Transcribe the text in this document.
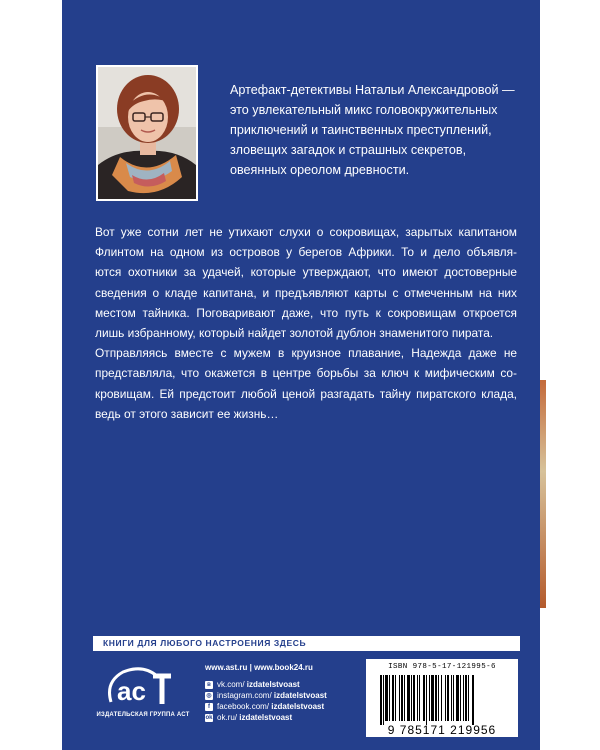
Артефакт-детективы Натальи Александровой —
это увлекательный микс головокружительных
приключений и таинственных преступлений,
зловещих загадок и страшных секретов,
овеянных ореолом древности.
Вот уже сотни лет не утихают слухи о сокровищах, зарытых капитаном
Флинтом на одном из островов у берегов Африки. То и дело объявля-
ются охотники за удачей, которые утверждают, что имеют достоверные
сведения о кладе капитана, и предъявляют карты с отмеченным на них
местом тайника. Поговаривают даже, что путь к сокровищам откроется
лишь избранному, который найдет золотой дублон знаменитого пирата.
Отправляясь вместе с мужем в круизное плавание, Надежда даже не
представляла, что окажется в центре борьбы за ключ к мифическим со-
кровищам. Ей предстоит любой ценой разгадать тайну пиратского клада,
ведь от этого зависит ее жизнь…
КНИГИ ДЛЯ ЛЮБОГО НАСТРОЕНИЯ ЗДЕСЬ
ac
ИЗДАТЕЛЬСКАЯ ГРУППА АСТ
www.ast.ru | www.book24.ru
в vk.com/
izdatelstvoast
◎ instagram.com/
izdatelstvoast
f facebook.com/
izdatelstvoast
ok ok.ru/
izdatelstvoast
ISBN 978-5-17-121995-6
9 785171 219956
